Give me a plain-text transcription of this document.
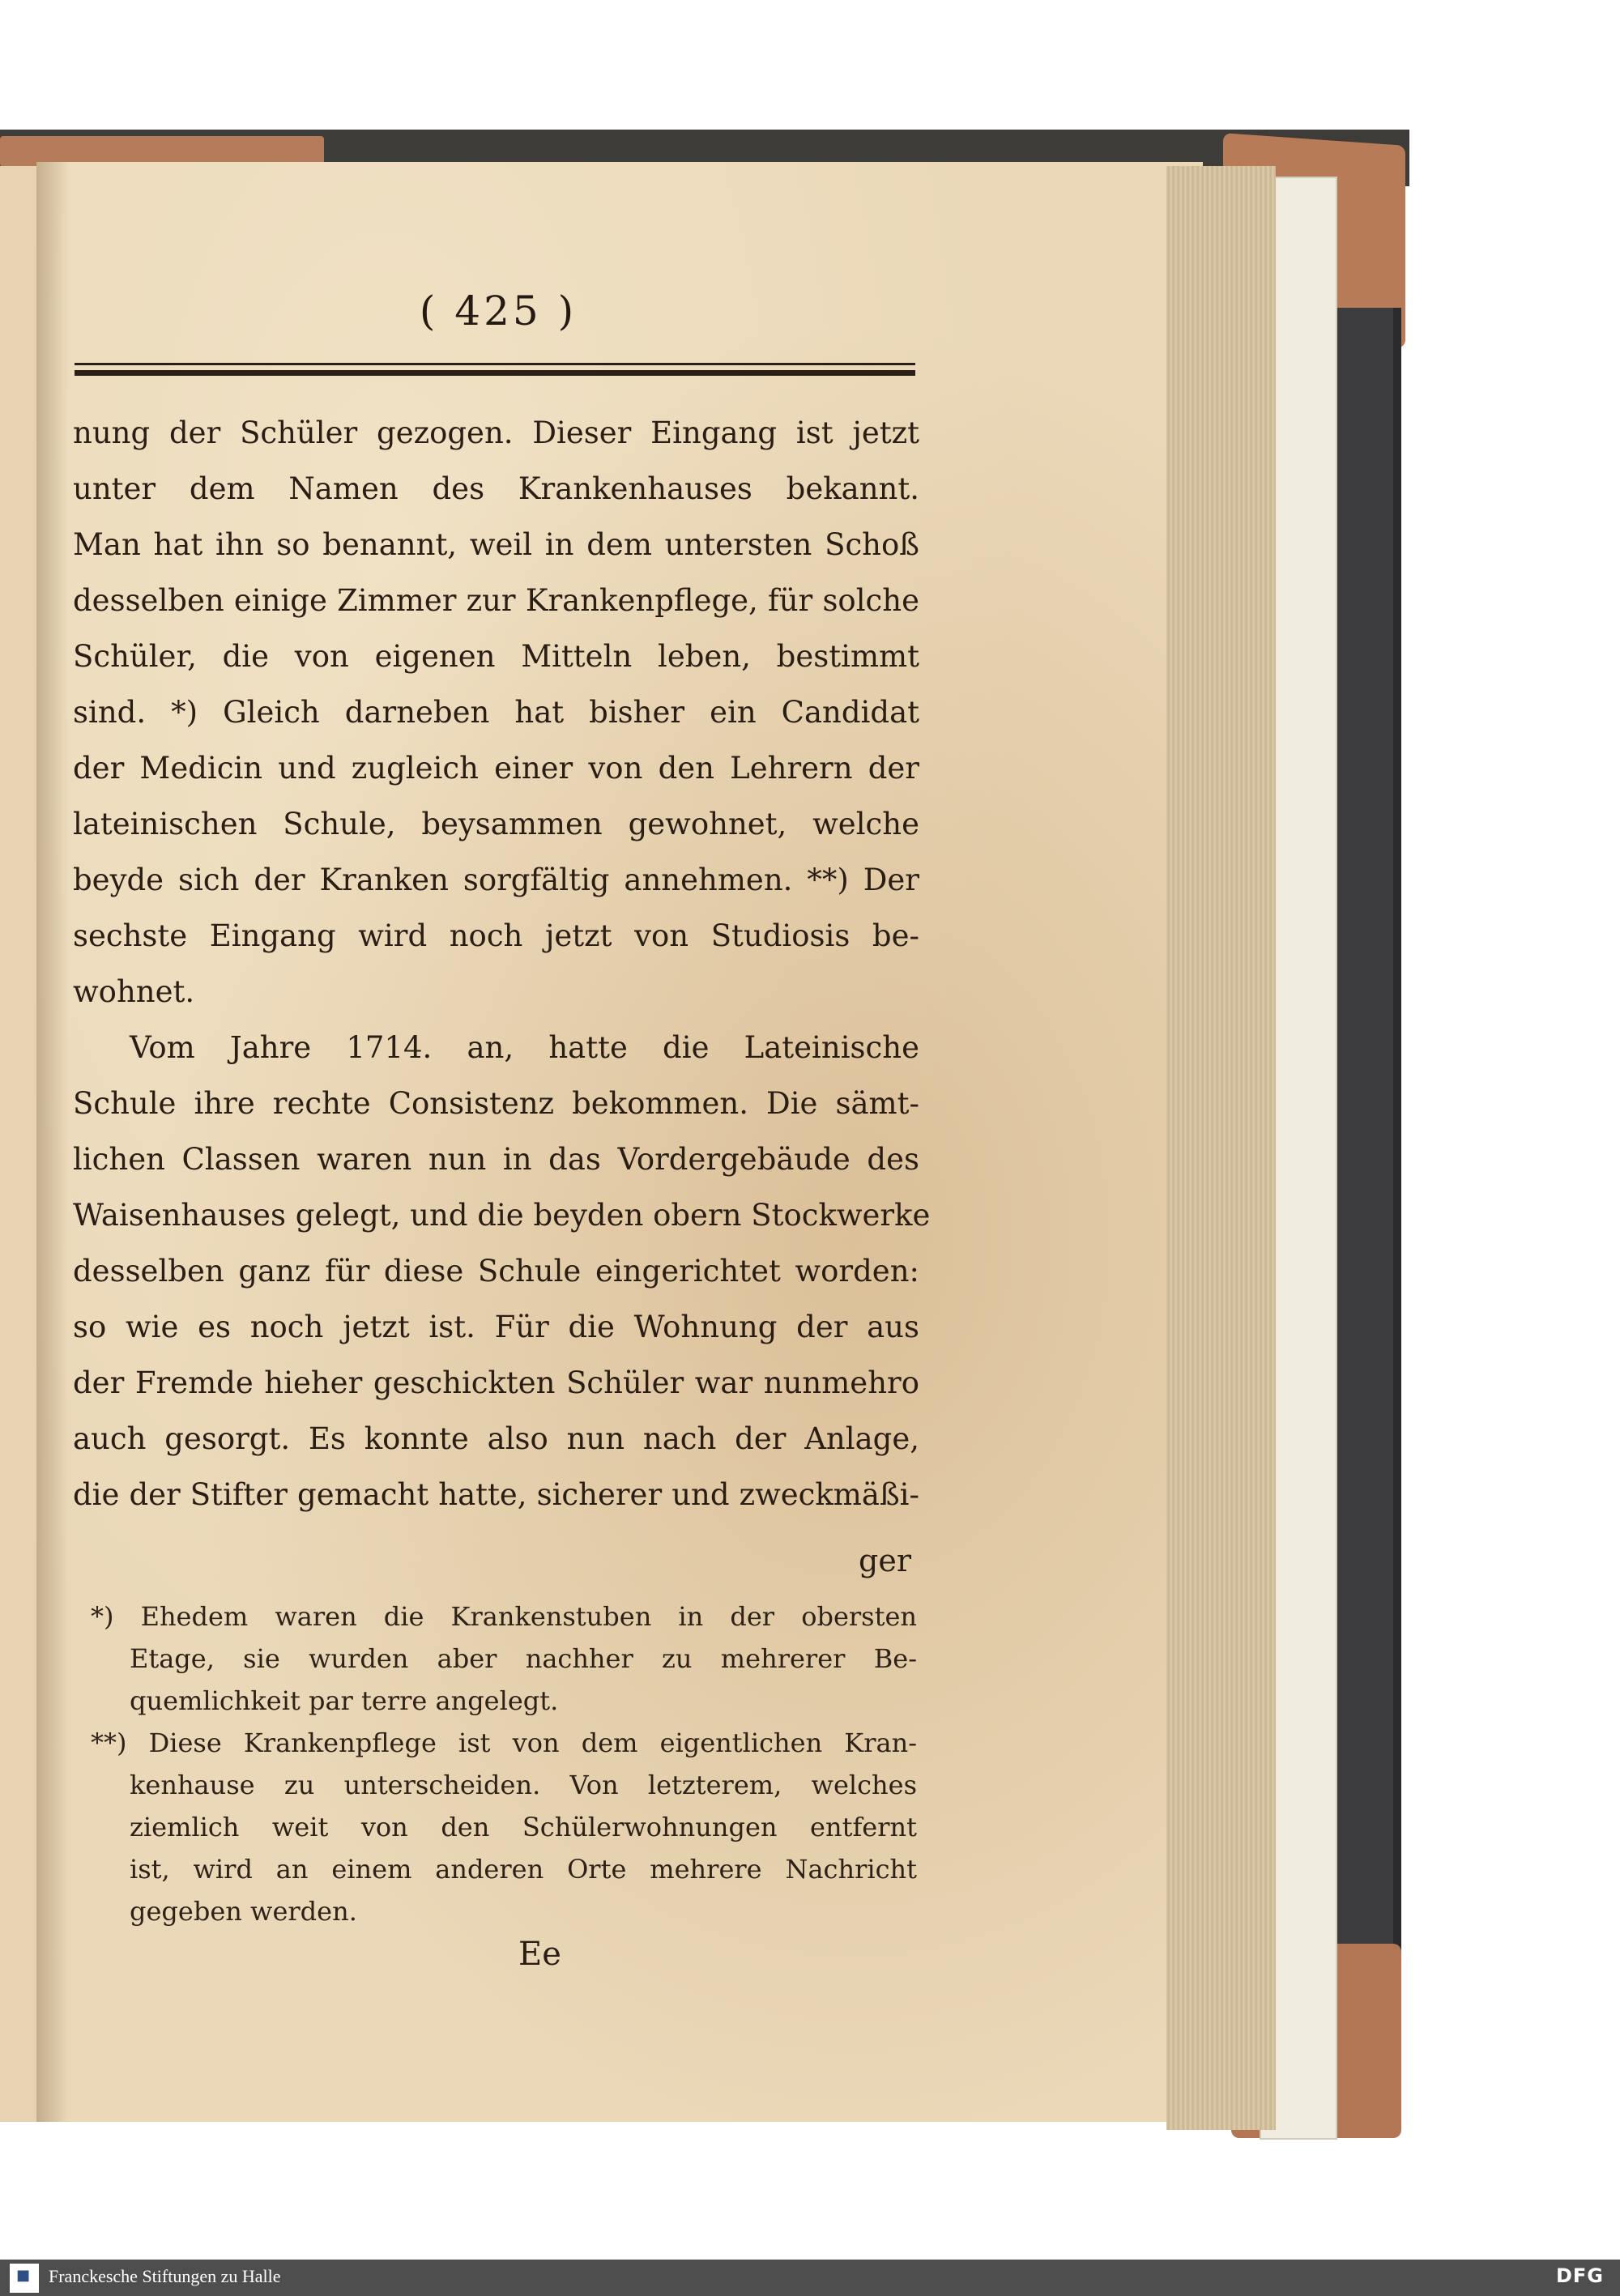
( 425 )
nung der Schüler gezogen. Dieser Eingang ist jetzt
unter dem Namen des Krankenhauses bekannt.
Man hat ihn so benannt, weil in dem untersten Schoß
desselben einige Zimmer zur Krankenpflege, für solche
Schüler, die von eigenen Mitteln leben, bestimmt
sind. *) Gleich darneben hat bisher ein Candidat
der Medicin und zugleich einer von den Lehrern der
lateinischen Schule, beysammen gewohnet, welche
beyde sich der Kranken sorgfältig annehmen. **) Der
sechste Eingang wird noch jetzt von Studiosis be-
wohnet.
Vom Jahre 1714. an, hatte die Lateinische
Schule ihre rechte Consistenz bekommen. Die sämt-
lichen Classen waren nun in das Vordergebäude des
Waisenhauses gelegt, und die beyden obern Stockwerke
desselben ganz für diese Schule eingerichtet worden:
so wie es noch jetzt ist. Für die Wohnung der aus
der Fremde hieher geschickten Schüler war nunmehro
auch gesorgt. Es konnte also nun nach der Anlage,
die der Stifter gemacht hatte, sicherer und zweckmäßi-
ger
*) Ehedem waren die Krankenstuben in der obersten
Etage, sie wurden aber nachher zu mehrerer Be-
quemlichkeit par terre angelegt.
**) Diese Krankenpflege ist von dem eigentlichen Kran-
kenhause zu unterscheiden. Von letzterem, welches
ziemlich weit von den Schülerwohnungen entfernt
ist, wird an einem anderen Orte mehrere Nachricht
gegeben werden.
Ee
■ Franckesche Stiftungen zu Halle	DFG
